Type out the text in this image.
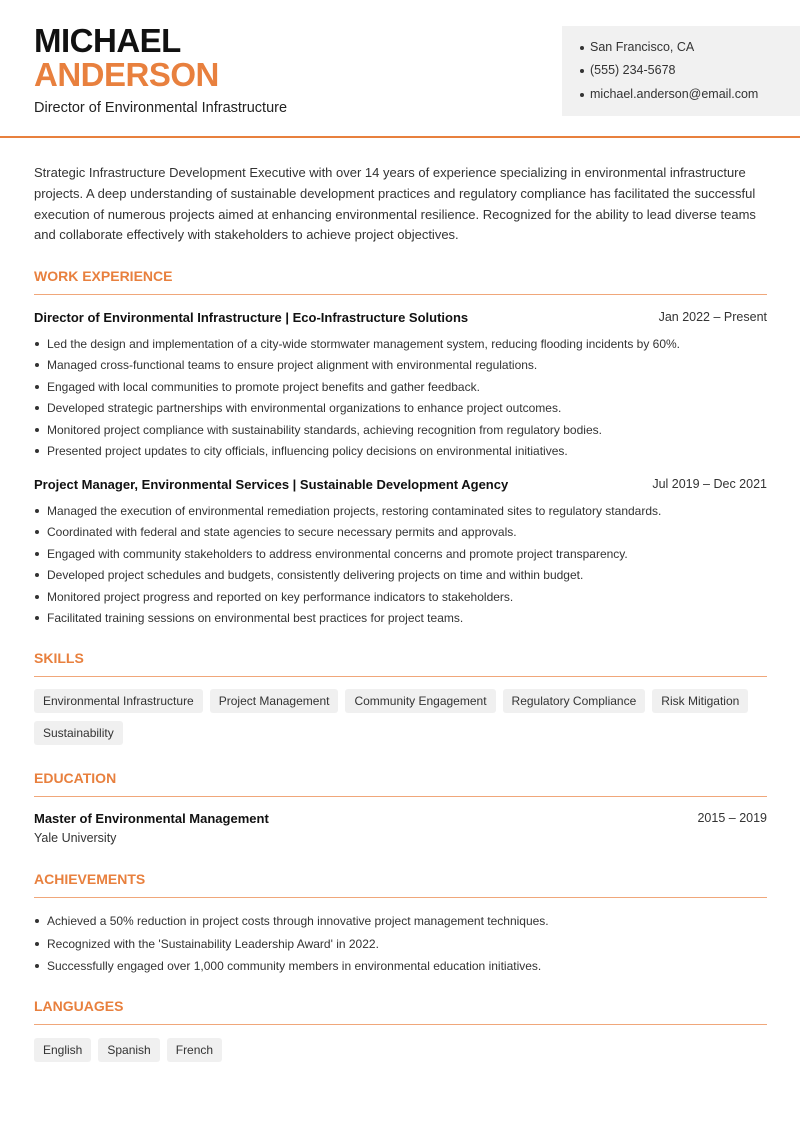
MICHAEL
ANDERSON
Director of Environmental Infrastructure
San Francisco, CA
(555) 234-5678
michael.anderson@email.com

Strategic Infrastructure Development Executive with over 14 years of experience specializing in environmental infrastructure projects. A deep understanding of sustainable development practices and regulatory compliance has facilitated the successful execution of numerous projects aimed at enhancing environmental resilience. Recognized for the ability to lead diverse teams and collaborate effectively with stakeholders to achieve project objectives.

WORK EXPERIENCE
Director of Environmental Infrastructure | Eco-Infrastructure Solutions	Jan 2022 – Present
Led the design and implementation of a city-wide stormwater management system, reducing flooding incidents by 60%.
Managed cross-functional teams to ensure project alignment with environmental regulations.
Engaged with local communities to promote project benefits and gather feedback.
Developed strategic partnerships with environmental organizations to enhance project outcomes.
Monitored project compliance with sustainability standards, achieving recognition from regulatory bodies.
Presented project updates to city officials, influencing policy decisions on environmental initiatives.
Project Manager, Environmental Services | Sustainable Development Agency	Jul 2019 – Dec 2021
Managed the execution of environmental remediation projects, restoring contaminated sites to regulatory standards.
Coordinated with federal and state agencies to secure necessary permits and approvals.
Engaged with community stakeholders to address environmental concerns and promote project transparency.
Developed project schedules and budgets, consistently delivering projects on time and within budget.
Monitored project progress and reported on key performance indicators to stakeholders.
Facilitated training sessions on environmental best practices for project teams.
SKILLS
Environmental Infrastructure Project Management Community Engagement Regulatory Compliance Risk MitigationSustainability
EDUCATION
Master of Environmental Management	2015 – 2019
Yale University
ACHIEVEMENTS
Achieved a 50% reduction in project costs through innovative project management techniques.
Recognized with the 'Sustainability Leadership Award' in 2022.
Successfully engaged over 1,000 community members in environmental education initiatives.
LANGUAGES
English Spanish French
